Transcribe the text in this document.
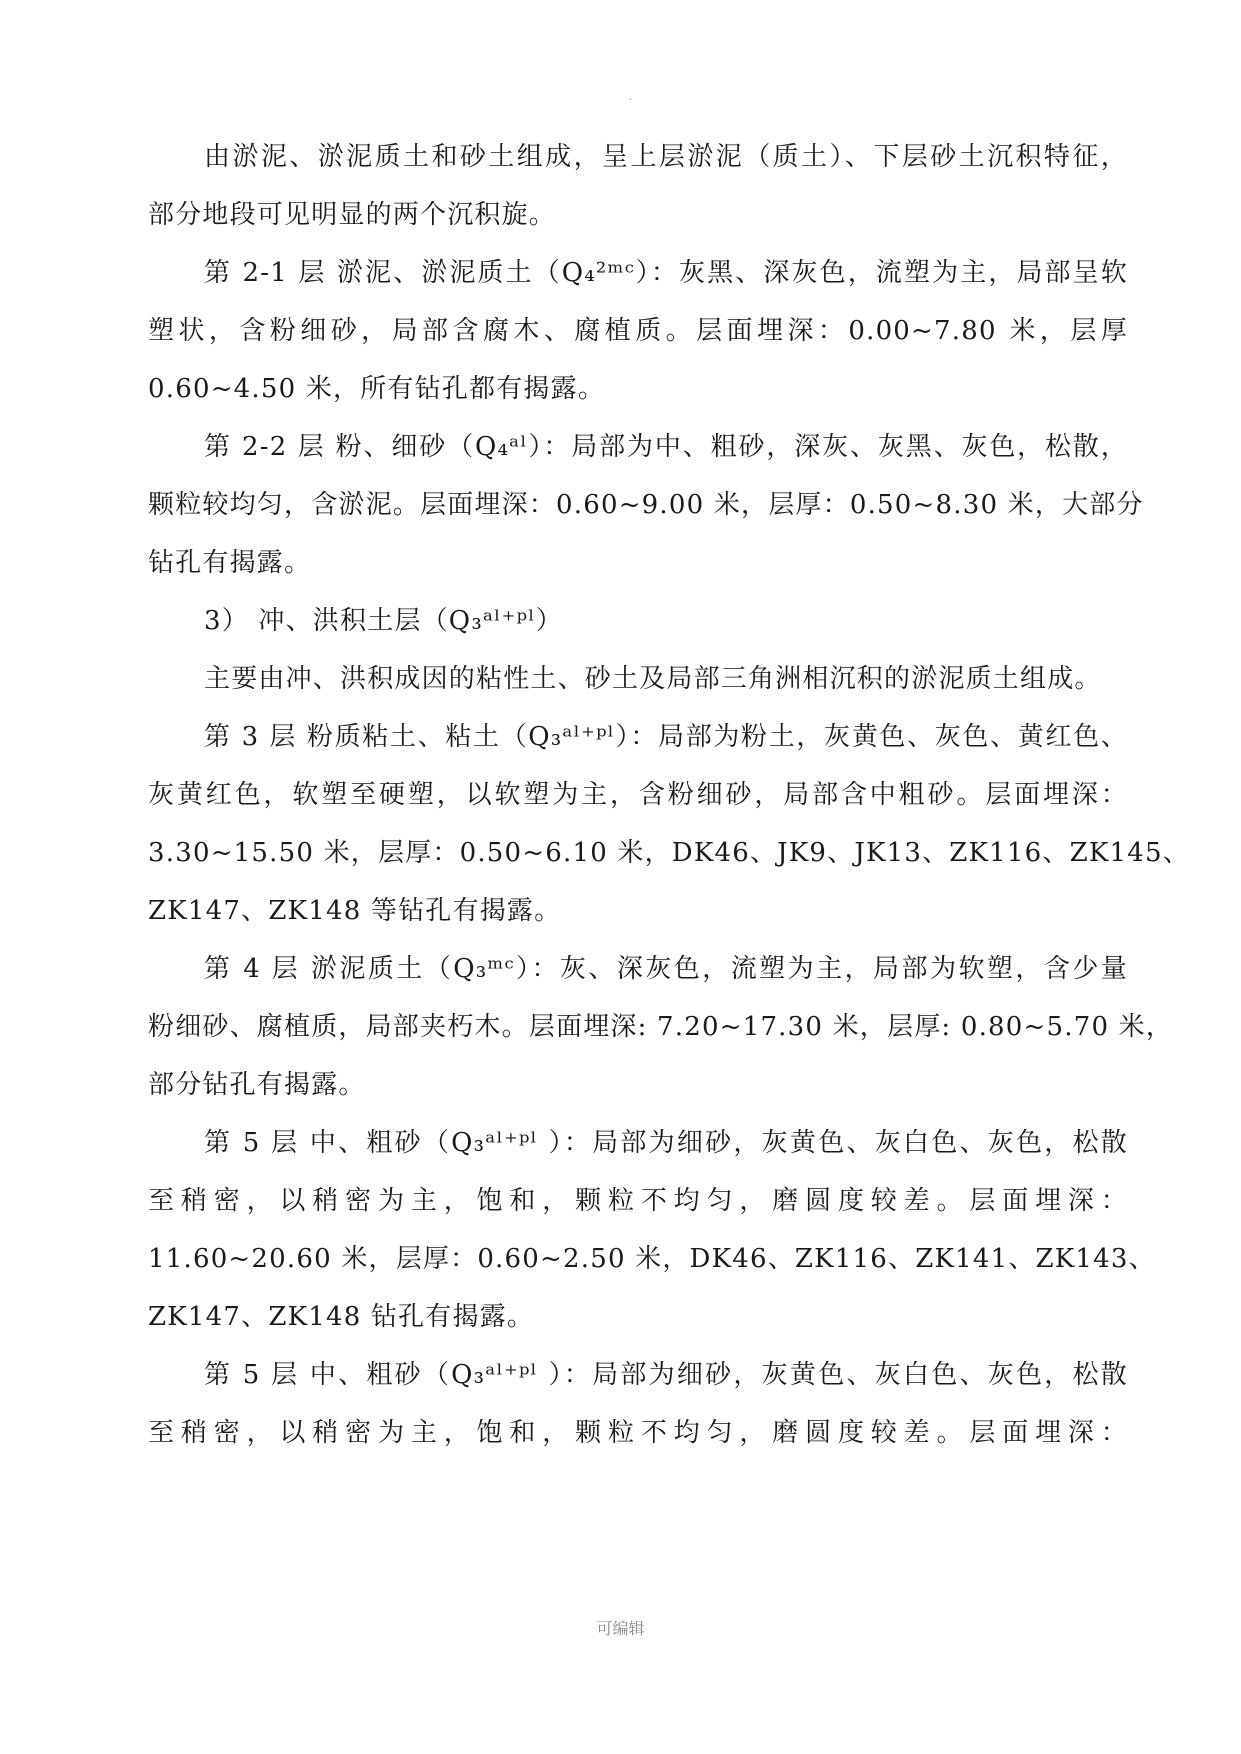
·
由淤泥、淤泥质土和砂土组成，呈上层淤泥（质土）、下层砂土沉积特征，
部分地段可见明显的两个沉积旋。
第 2-1 层 淤泥、淤泥质土（Q₄²ᵐᶜ）：灰黑、深灰色，流塑为主，局部呈软
塑状，含粉细砂，局部含腐木、腐植质。层面埋深：0.00~7.80 米，层厚
0.60~4.50 米，所有钻孔都有揭露。
第 2-2 层 粉、细砂（Q₄ᵃˡ）：局部为中、粗砂，深灰、灰黑、灰色，松散，
颗粒较均匀，含淤泥。层面埋深：0.60~9.00 米，层厚：0.50~8.30 米，大部分
钻孔有揭露。
3） 冲、洪积土层（Q₃ᵃˡ⁺ᵖˡ）
主要由冲、洪积成因的粘性土、砂土及局部三角洲相沉积的淤泥质土组成。
第 3 层 粉质粘土、粘土（Q₃ᵃˡ⁺ᵖˡ）：局部为粉土，灰黄色、灰色、黄红色、
灰黄红色，软塑至硬塑，以软塑为主，含粉细砂，局部含中粗砂。层面埋深：
3.30~15.50 米，层厚：0.50~6.10 米，DK46、JK9、JK13、ZK116、ZK145、
ZK147、ZK148 等钻孔有揭露。
第 4 层 淤泥质土（Q₃ᵐᶜ）：灰、深灰色，流塑为主，局部为软塑，含少量
粉细砂、腐植质，局部夹朽木。层面埋深: 7.20~17.30 米，层厚: 0.80~5.70 米，
部分钻孔有揭露。
第 5 层 中、粗砂（Q₃ᵃˡ⁺ᵖˡ ）：局部为细砂，灰黄色、灰白色、灰色，松散
至稍密，以稍密为主，饱和，颗粒不均匀，磨圆度较差。层面埋深：
11.60~20.60 米，层厚：0.60~2.50 米，DK46、ZK116、ZK141、ZK143、
ZK147、ZK148 钻孔有揭露。
第 5 层 中、粗砂（Q₃ᵃˡ⁺ᵖˡ ）：局部为细砂，灰黄色、灰白色、灰色，松散
至稍密，以稍密为主，饱和，颗粒不均匀，磨圆度较差。层面埋深：
可编辑
